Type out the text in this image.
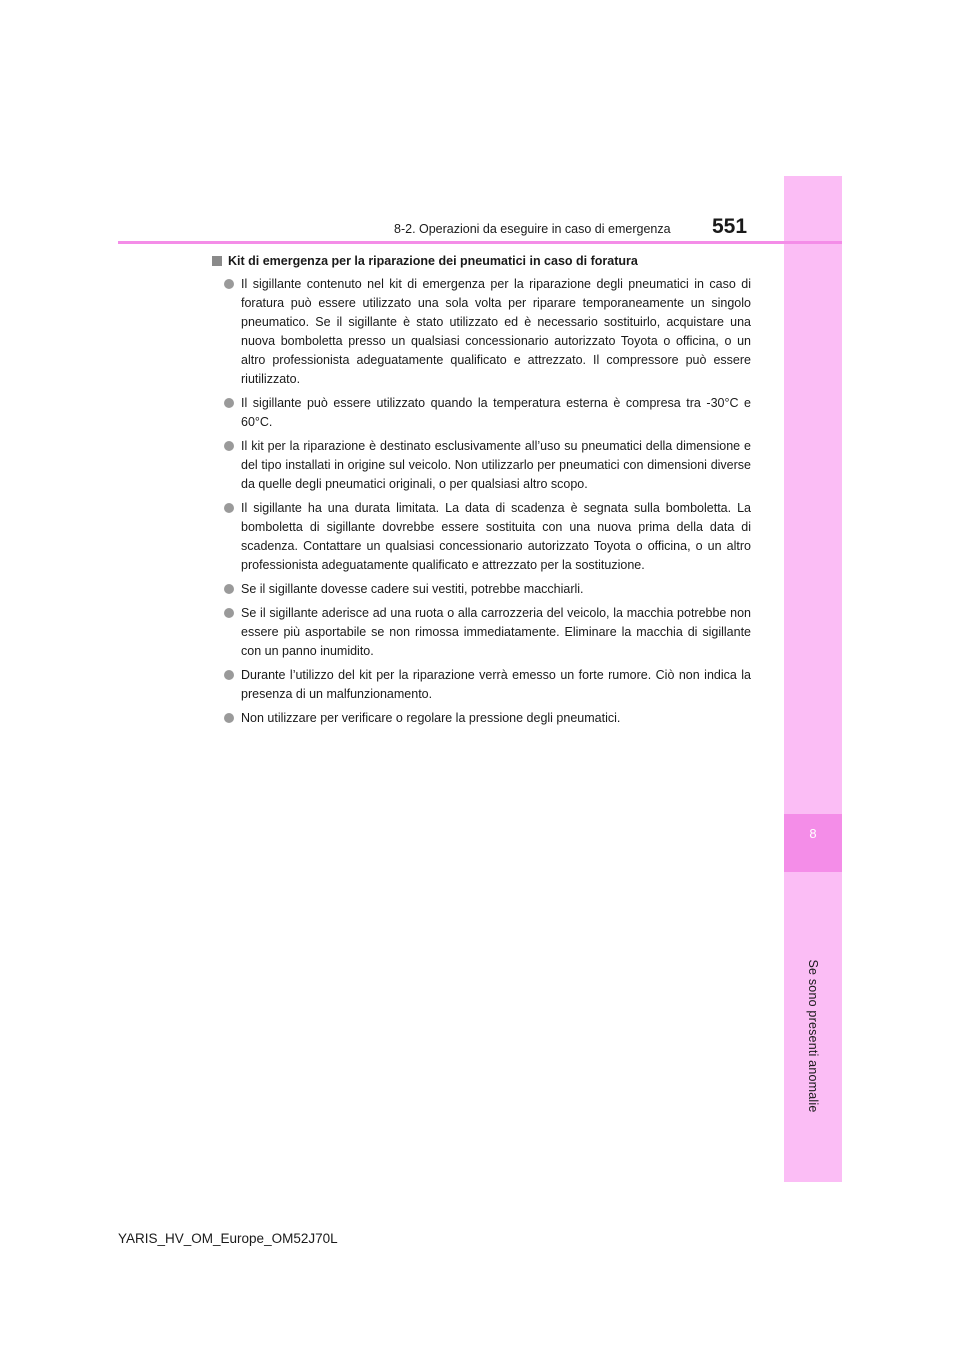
8
Se sono presenti anomalie
8-2. Operazioni da eseguire in caso di emergenza 551
Kit di emergenza per la riparazione dei pneumatici in caso di foratura
Il sigillante contenuto nel kit di emergenza per la riparazione degli pneumatici in caso di foratura può essere utilizzato una sola volta per riparare temporaneamente un singolo pneumatico. Se il sigillante è stato utilizzato ed è necessario sostituirlo, acquistare una nuova bomboletta presso un qualsiasi concessionario autorizzato Toyota o officina, o un altro professionista adeguatamente qualificato e attrezzato. Il compressore può essere riutilizzato.
Il sigillante può essere utilizzato quando la temperatura esterna è compresa tra -30°C e 60°C.
Il kit per la riparazione è destinato esclusivamente all’uso su pneumatici della dimensione e del tipo installati in origine sul veicolo. Non utilizzarlo per pneumatici con dimensioni diverse da quelle degli pneumatici originali, o per qualsiasi altro scopo.
Il sigillante ha una durata limitata. La data di scadenza è segnata sulla bomboletta. La bomboletta di sigillante dovrebbe essere sostituita con una nuova prima della data di scadenza. Contattare un qualsiasi concessionario autorizzato Toyota o officina, o un altro professionista adeguatamente qualificato e attrezzato per la sostituzione.
Se il sigillante dovesse cadere sui vestiti, potrebbe macchiarli.
Se il sigillante aderisce ad una ruota o alla carrozzeria del veicolo, la macchia potrebbe non essere più asportabile se non rimossa immediatamente. Eliminare la macchia di sigillante con un panno inumidito.
Durante l’utilizzo del kit per la riparazione verrà emesso un forte rumore. Ciò non indica la presenza di un malfunzionamento.
Non utilizzare per verificare o regolare la pressione degli pneumatici.
YARIS_HV_OM_Europe_OM52J70L
